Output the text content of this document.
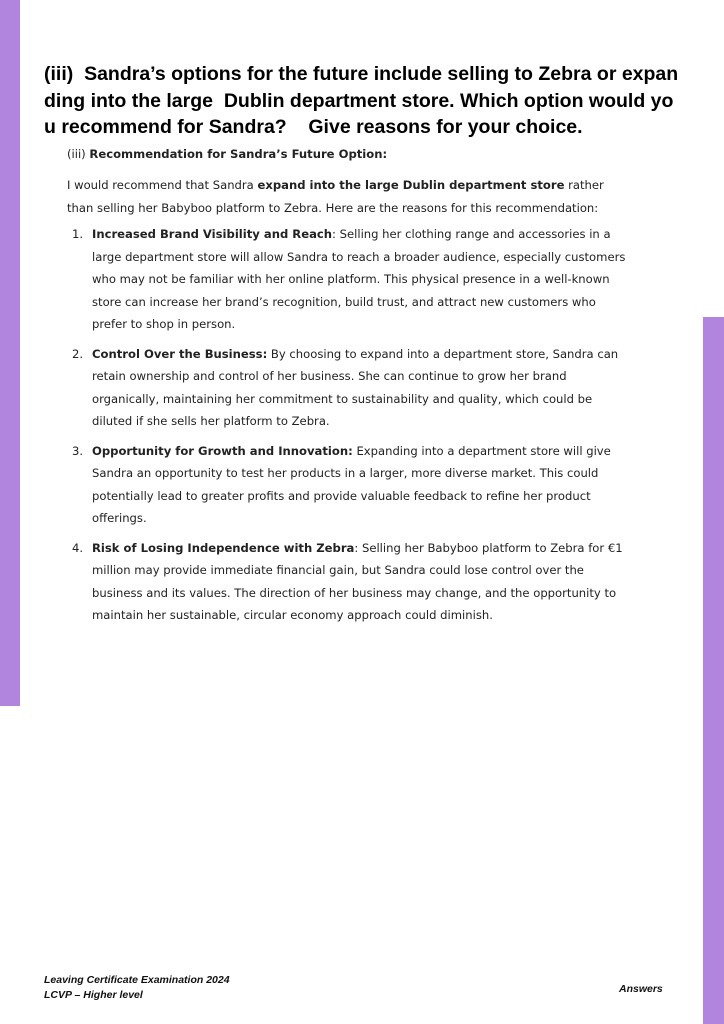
(iii)  Sandra’s options for the future include selling to Zebra or expan ding into the large  Dublin department store. Which option would yo u recommend for Sandra?    Give reasons for your choice.

(iii) Recommendation for Sandra’s Future Option:

I would recommend that Sandra expand into the large Dublin department store rather than selling her Babyboo platform to Zebra. Here are the reasons for this recommendation:

1. Increased Brand Visibility and Reach: Selling her clothing range and accessories in a large department store will allow Sandra to reach a broader audience, especially customers who may not be familiar with her online platform. This physical presence in a well-known store can increase her brand’s recognition, build trust, and attract new customers who prefer to shop in person.
2. Control Over the Business: By choosing to expand into a department store, Sandra can retain ownership and control of her business. She can continue to grow her brand organically, maintaining her commitment to sustainability and quality, which could be diluted if she sells her platform to Zebra.
3. Opportunity for Growth and Innovation: Expanding into a department store will give Sandra an opportunity to test her products in a larger, more diverse market. This could potentially lead to greater profits and provide valuable feedback to refine her product offerings.
4. Risk of Losing Independence with Zebra: Selling her Babyboo platform to Zebra for €1 million may provide immediate financial gain, but Sandra could lose control over the business and its values. The direction of her business may change, and the opportunity to maintain her sustainable, circular economy approach could diminish.
Leaving Certificate Examination 2024
LCVP – Higher level	Answers
